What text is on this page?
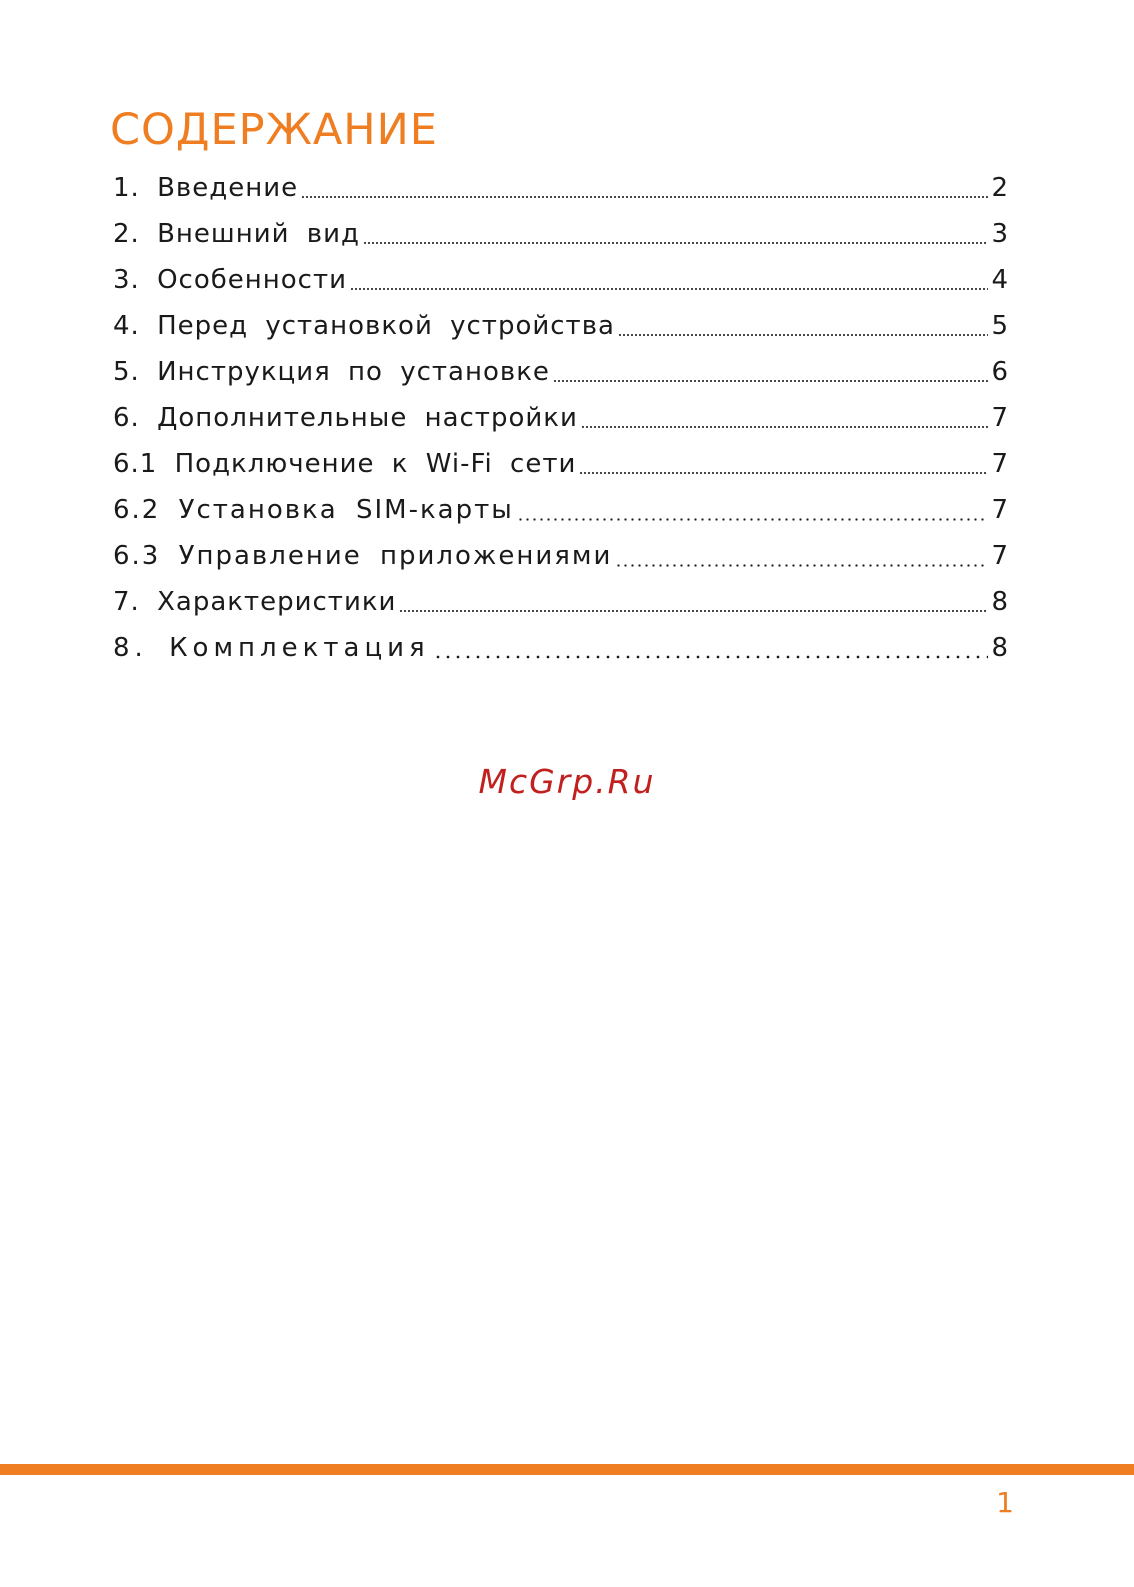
СОДЕРЖАНИЕ
1. Введение	2
2. Внешний вид	3
3. Особенности	4
4. Перед установкой устройства	5
5. Инструкция по установке	6
6. Дополнительные настройки	7
6.1 Подключение к Wi-Fi сети	7
6.2 Установка SIM-карты	7
6.3 Управление приложениями	7
7. Характеристики	8
8. Комплектация	8
McGrp.Ru
1
